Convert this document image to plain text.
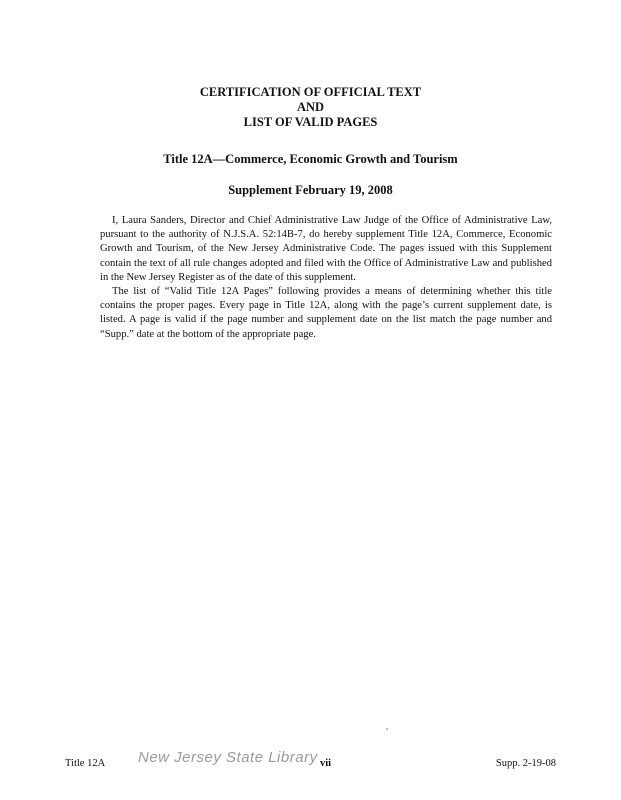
CERTIFICATION OF OFFICIAL TEXT
AND
LIST OF VALID PAGES
Title 12A—Commerce, Economic Growth and Tourism
Supplement February 19, 2008

I, Laura Sanders, Director and Chief Administrative Law Judge of the Office of Administrative Law, pursuant to the authority of N.J.S.A. 52:14B-7, do hereby supplement Title 12A, Commerce, Economic Growth and Tourism, of the New Jersey Administrative Code. The pages issued with this Supplement contain the text of all rule changes adopted and filed with the Office of Administrative Law and published in the New Jersey Register as of the date of this supplement.

The list of “Valid Title 12A Pages” following provides a means of determining whether this title contains the proper pages. Every page in Title 12A, along with the page’s current supplement date, is listed. A page is valid if the page number and supplement date on the list match the page number and “Supp.” date at the bottom of the appropriate page.

Title 12A New Jersey State Library vii	Supp. 2-19-08
